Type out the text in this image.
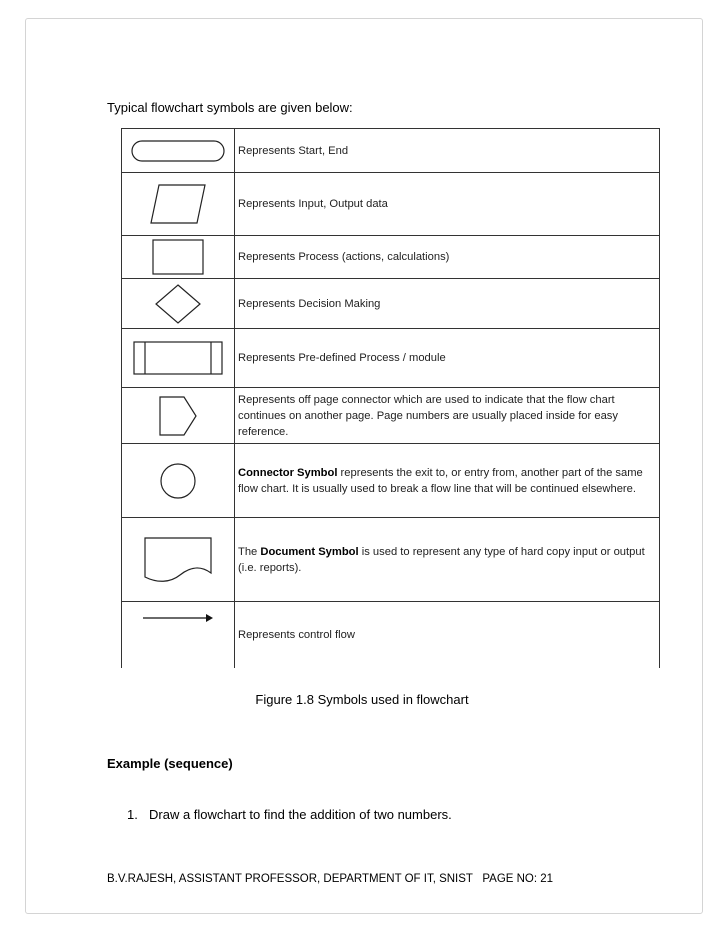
Typical flowchart symbols are given below:
	Represents Start, End

	Represents Input, Output data

	Represents Process (actions, calculations)

	Represents Decision Making

	Represents Pre-defined Process / module

	Represents off page connector which are used to indicate that the flow chart continues on another page. Page numbers are usually placed inside for easy reference.

	Connector Symbol represents the exit to, or entry from, another part of the same flow chart. It is usually used to break a flow line that will be continued elsewhere.

	The Document Symbol is used to represent any type of hard copy input or output (i.e. reports).

	Represents control flow
Figure 1.8 Symbols used in flowchart
Example (sequence)
1. Draw a flowchart to find the addition of two numbers.
B.V.RAJESH, ASSISTANT PROFESSOR, DEPARTMENT OF IT, SNIST   PAGE NO: 21
